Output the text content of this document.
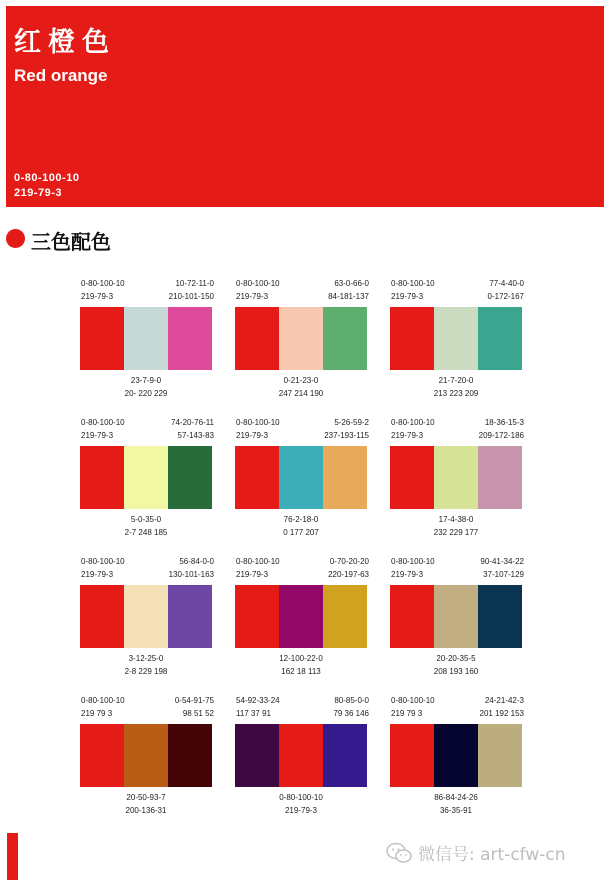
红橙色
Red orange
0-80-100-10
219-79-3
三色配色
0-80-100-10
219-79-3
10-72-11-0
210-101-150
23-7-9-0
20- 220 229
0-80-100-10
219-79-3
63-0-66-0
84-181-137
0-21-23-0
247 214 190
0-80-100-10
219-79-3
77-4-40-0
0-172-167
21-7-20-0
213 223 209
0-80-100-10
219-79-3
74-20-76-11
57-143-83
5-0-35-0
2-7 248 185
0-80-100-10
219-79-3
5-26-59-2
237-193-115
76-2-18-0
0 177 207
0-80-100-10
219-79-3
18-36-15-3
209-172-186
17-4-38-0
232 229 177
0-80-100-10
219-79-3
56-84-0-0
130-101-163
3-12-25-0
2-8 229 198
0-80-100-10
219-79-3
0-70-20-20
220-197-63
12-100-22-0
162 18 113
0-80-100-10
219-79-3
90-41-34-22
37-107-129
20-20-35-5
208 193 160
0-80-100-10
219 79 3
0-54-91-75
98 51 52
20-50-93-7
200-136-31
54-92-33-24
117 37 91
80-85-0-0
79 36 146
0-80-100-10
219-79-3
0-80-100-10
219 79 3
24-21-42-3
201 192 153
86-84-24-26
36-35-91
微信号: art-cfw-cn
